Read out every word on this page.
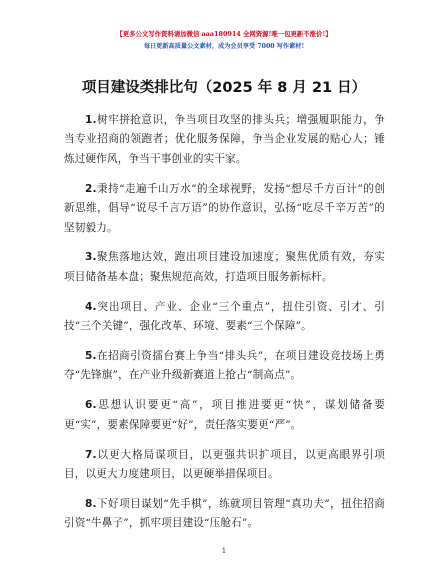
【更多公文写作资料请加微信 aaa180914 全网资源!唯一包更新不涨价!】
每日更新高质量公文素材，成为会员享受 7000 写作素材!
项目建设类排比句（2025 年 8 月 21 日）

1.树牢拼抢意识，争当项目攻坚的排头兵；增强履职能力，争当专业招商的领跑者；优化服务保障，争当企业发展的贴心人；锤炼过硬作风，争当干事创业的实干家。

2.秉持“走遍千山万水”的全球视野，发扬“想尽千方百计”的创新思维，倡导“说尽千言万语”的协作意识，弘扬“吃尽千辛万苦”的坚韧毅力。

3.聚焦落地达效，跑出项目建设加速度；聚焦优质有效，夯实项目储备基本盘；聚焦规范高效，打造项目服务新标杆。

4.突出项目、产业、企业“三个重点”，扭住引资、引才、引技“三个关键”，强化改革、环境、要素“三个保障”。

5.在招商引资擂台赛上争当“排头兵”，在项目建设竞技场上勇夺“先锋旗”，在产业升级新赛道上抢占“制高点”。

6.思想认识要更“高”，项目推进要更“快”，谋划储备要更“实”，要素保障要更“好”，责任落实要更“严”。

7.以更大格局谋项目，以更强共识扩项目，以更高眼界引项目，以更大力度建项目，以更硬举措保项目。

8.下好项目谋划“先手棋”，练就项目管理“真功夫”，扭住招商引资“牛鼻子”，抓牢项目建设“压舱石”。

1
